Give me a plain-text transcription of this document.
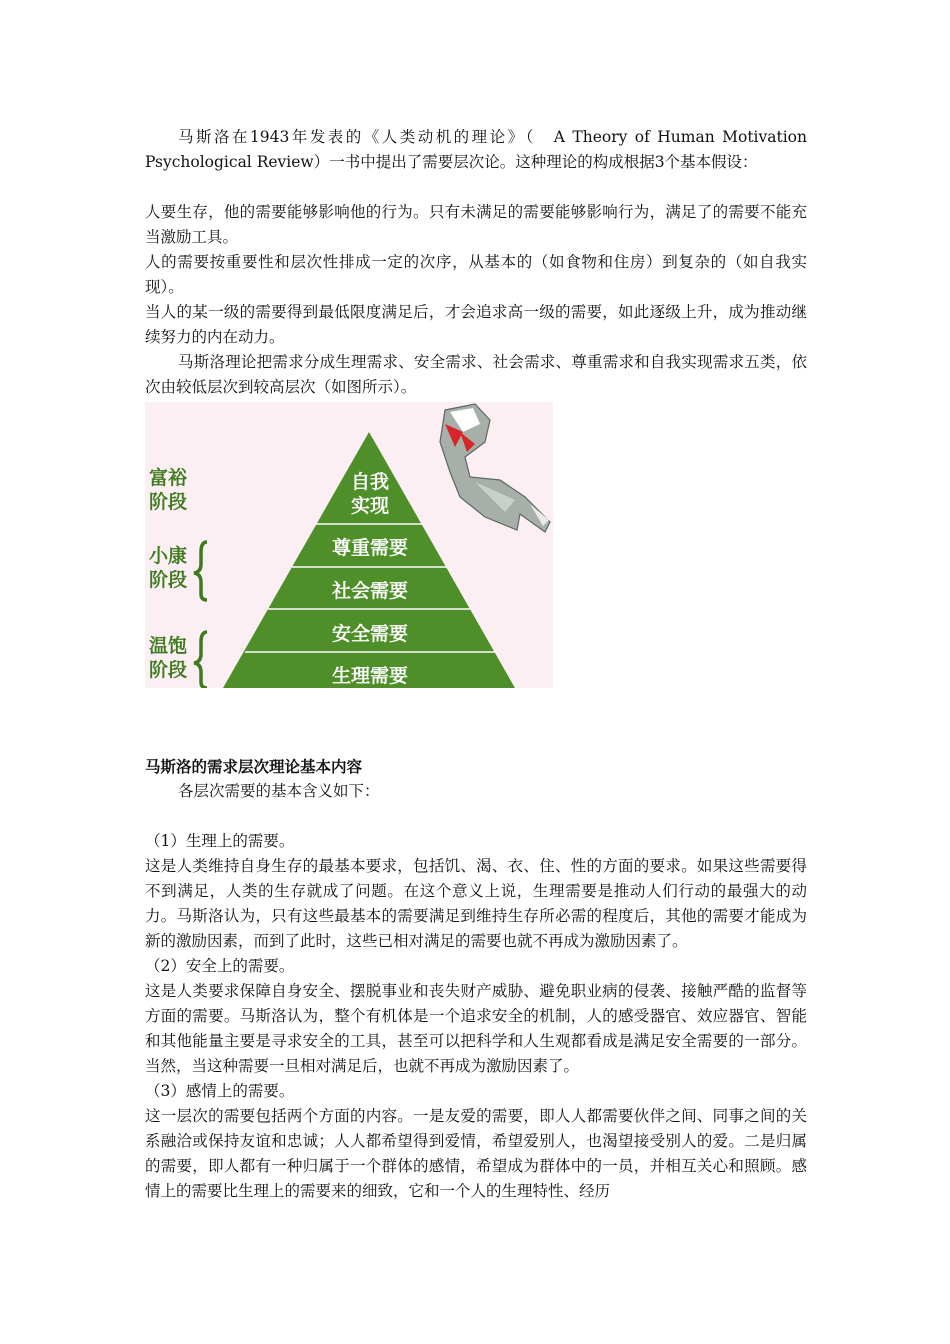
马斯洛在1943年发表的《人类动机的理论》（　A Theory of Human Motivation Psychological Review）一书中提出了需要层次论。这种理论的构成根据3个基本假设：

人要生存，他的需要能够影响他的行为。只有未满足的需要能够影响行为，满足了的需要不能充当激励工具。

人的需要按重要性和层次性排成一定的次序，从基本的（如食物和住房）到复杂的（如自我实现）。

当人的某一级的需要得到最低限度满足后，才会追求高一级的需要，如此逐级上升，成为推动继续努力的内在动力。

马斯洛理论把需求分成生理需求、安全需求、社会需求、尊重需求和自我实现需求五类，依次由较低层次到较高层次（如图所示）。

自我
实现
尊重需要
社会需要
安全需要
生理需要
富裕
阶段
小康
阶段
温饱
阶段

马斯洛的需求层次理论基本内容

各层次需要的基本含义如下：

（1）生理上的需要。

这是人类维持自身生存的最基本要求，包括饥、渴、衣、住、性的方面的要求。如果这些需要得不到满足，人类的生存就成了问题。在这个意义上说，生理需要是推动人们行动的最强大的动力。马斯洛认为，只有这些最基本的需要满足到维持生存所必需的程度后，其他的需要才能成为新的激励因素，而到了此时，这些已相对满足的需要也就不再成为激励因素了。

（2）安全上的需要。

这是人类要求保障自身安全、摆脱事业和丧失财产威胁、避免职业病的侵袭、接触严酷的监督等方面的需要。马斯洛认为，整个有机体是一个追求安全的机制，人的感受器官、效应器官、智能和其他能量主要是寻求安全的工具，甚至可以把科学和人生观都看成是满足安全需要的一部分。当然，当这种需要一旦相对满足后，也就不再成为激励因素了。

（3）感情上的需要。

这一层次的需要包括两个方面的内容。一是友爱的需要，即人人都需要伙伴之间、同事之间的关系融洽或保持友谊和忠诚；人人都希望得到爱情，希望爱别人，也渴望接受别人的爱。二是归属的需要，即人都有一种归属于一个群体的感情，希望成为群体中的一员，并相互关心和照顾。感情上的需要比生理上的需要来的细致，它和一个人的生理特性、经历
